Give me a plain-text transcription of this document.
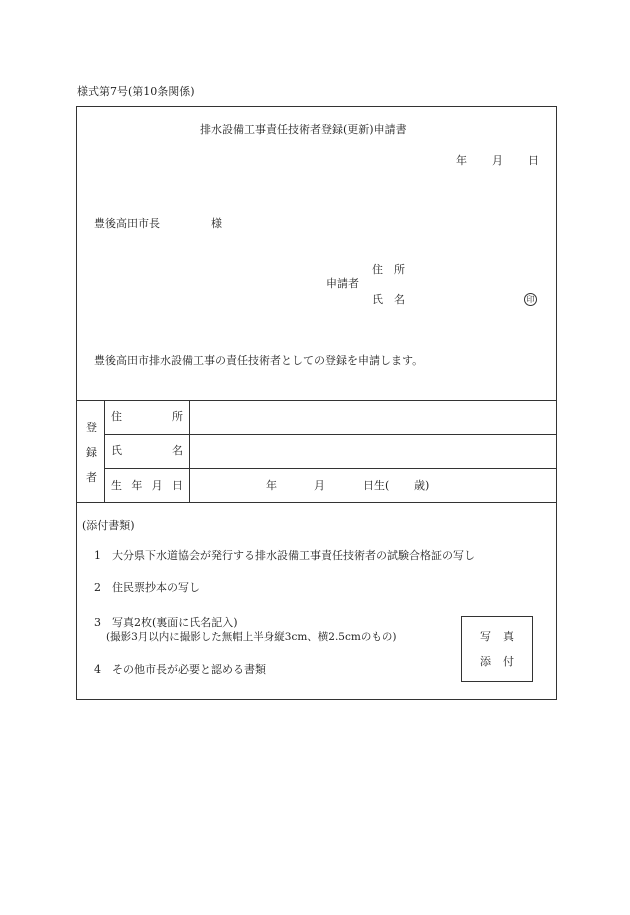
様式第7号(第10条関係)
排水設備工事責任技術者登録(更新)申請書
年 月 日
豊後高田市長	様
申請者
住　所
氏　名	印
豊後高田市排水設備工事の責任技術者としての登録を申請します。
登
録
者
住	所
氏	名
生 年 月 日	年	月	日生( 歳)
(添付書類)
1 大分県下水道協会が発行する排水設備工事責任技術者の試験合格証の写し
2 住民票抄本の写し
3 写真2枚(裏面に氏名記入)
(撮影3月以内に撮影した無帽上半身縦3cm、横2.5cmのもの)
4 その他市長が必要と認める書類
写 真
添 付
